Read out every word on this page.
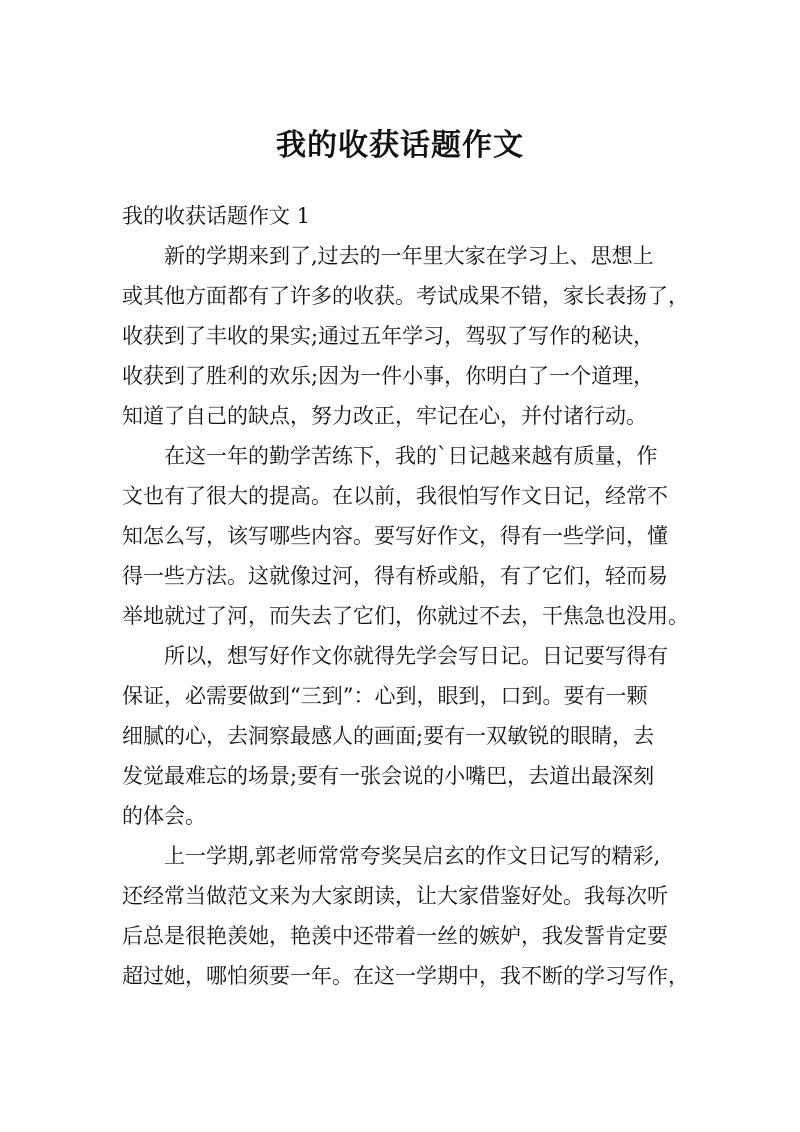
我的收获话题作文

我的收获话题作文 1

新的学期来到了,过去的一年里大家在学习上、思想上
或其他方面都有了许多的收获。考试成果不错，家长表扬了，
收获到了丰收的果实;通过五年学习，驾驭了写作的秘诀，
收获到了胜利的欢乐;因为一件小事，你明白了一个道理，
知道了自己的缺点，努力改正，牢记在心，并付诸行动。

在这一年的勤学苦练下，我的`日记越来越有质量，作
文也有了很大的提高。在以前，我很怕写作文日记，经常不
知怎么写，该写哪些内容。要写好作文，得有一些学问，懂
得一些方法。这就像过河，得有桥或船，有了它们，轻而易
举地就过了河，而失去了它们，你就过不去，干焦急也没用。

所以，想写好作文你就得先学会写日记。日记要写得有
保证，必需要做到“三到”：心到，眼到，口到。要有一颗
细腻的心，去洞察最感人的画面;要有一双敏锐的眼睛，去
发觉最难忘的场景;要有一张会说的小嘴巴，去道出最深刻
的体会。

上一学期,郭老师常常夸奖吴启玄的作文日记写的精彩,
还经常当做范文来为大家朗读，让大家借鉴好处。我每次听
后总是很艳羡她，艳羡中还带着一丝的嫉妒，我发誓肯定要
超过她，哪怕须要一年。在这一学期中，我不断的学习写作，
